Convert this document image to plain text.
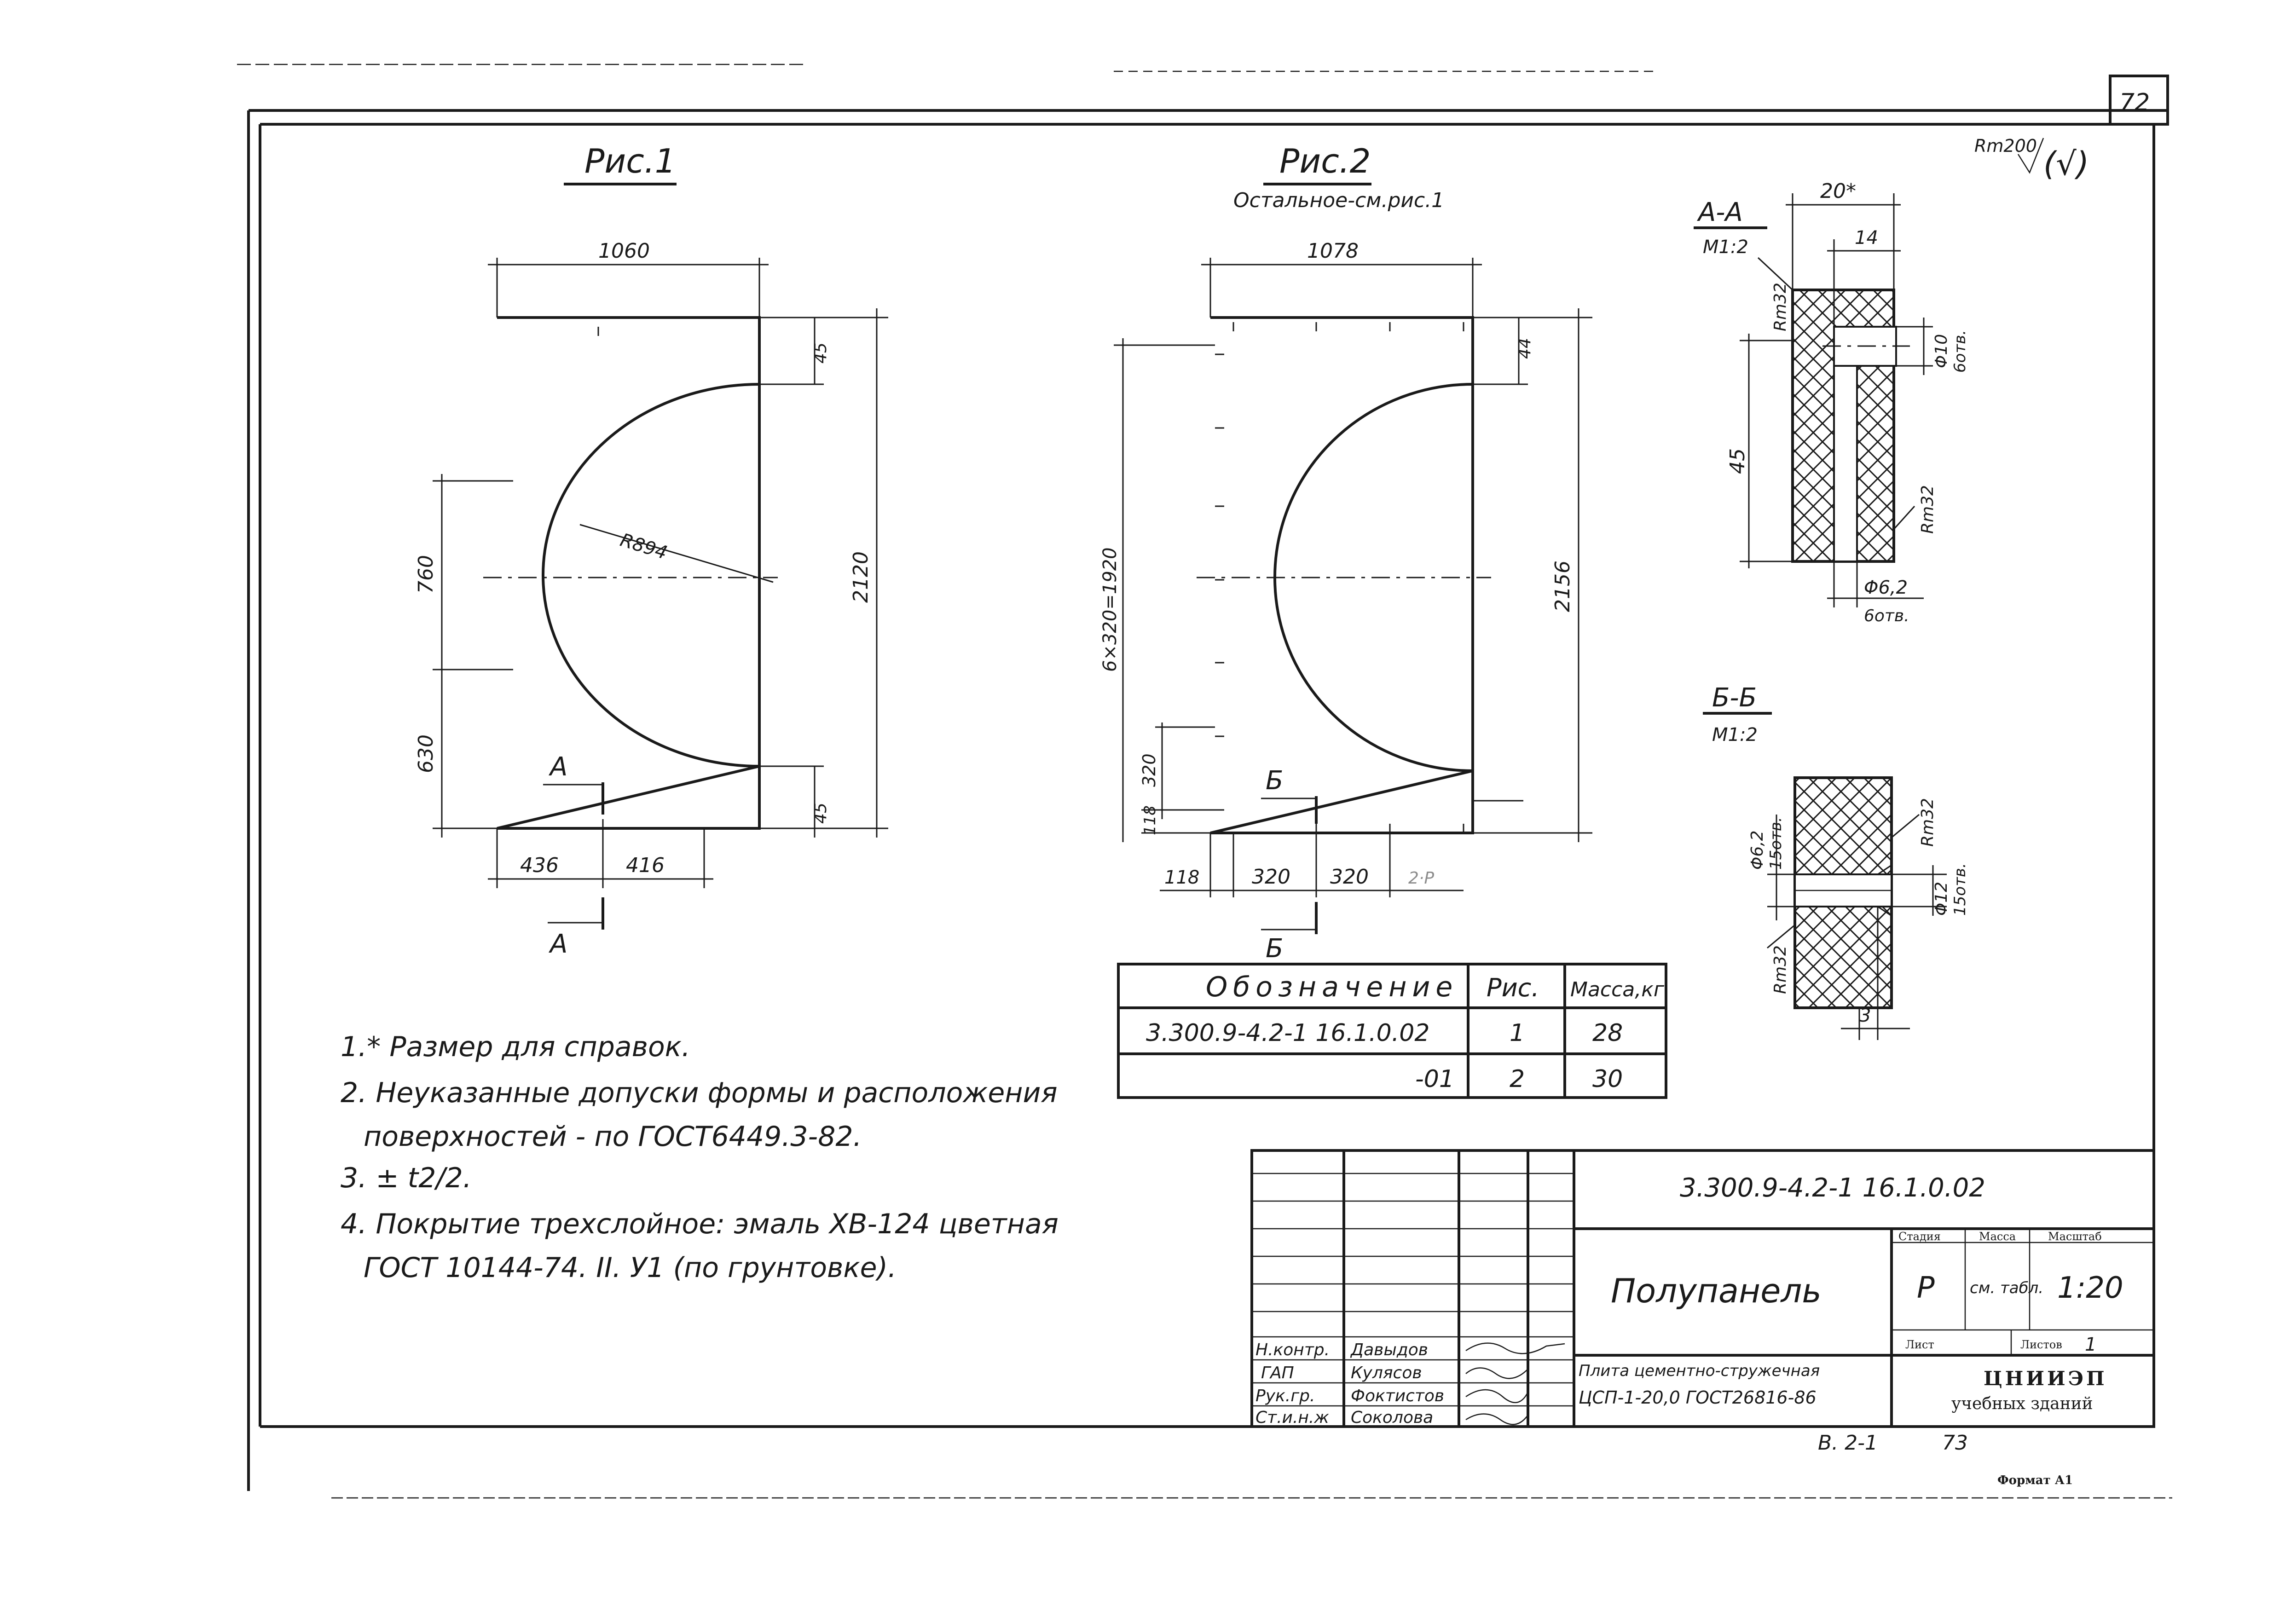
72
Rm200 (√)
В. 2-1	73
Формат А1
Рис.1
R894
1060
2120
45
45
760
630
436	416
А
А
Рис.2
Остальное-см.рис.1
1078
2156
44
6×320=1920
320
118
118	320 320 2·Р
Б
Б
А-А
М1:2
20*
14
45
Rm32
Φ10 6отв.
Rm32
Φ6,2
6отв.
Б-Б
М1:2
Φ6,2 15отв.
Φ12 15отв.
Rm32
Rm32
3
Обозначение Рис. Масса,кг
3.300.9-4.2-1 16.1.0.02	1	28
-01 2	30
1.* Размер для справок.
2. Неуказанные допуски формы и расположения
поверхностей - по ГОСТ6449.3-82.
3. ± t2/2.
4. Покрытие трехслойное: эмаль ХВ-124 цветная
ГОСТ 10144-74. II. У1 (по грунтовке).
Н.контр. Давыдов
ГАП	Кулясов
Рук.гр. Фоктистов
Ст.и.н.ж Соколова
3.300.9-4.2-1 16.1.0.02
Полупанель
Стадия	Масса	Масштаб
Р см. табл. 1:20
Лист	Листов 1
Плита цементно-стружечная
ЦСП-1-20,0 ГОСТ26816-86
ЦНИИЭП
учебных зданий
